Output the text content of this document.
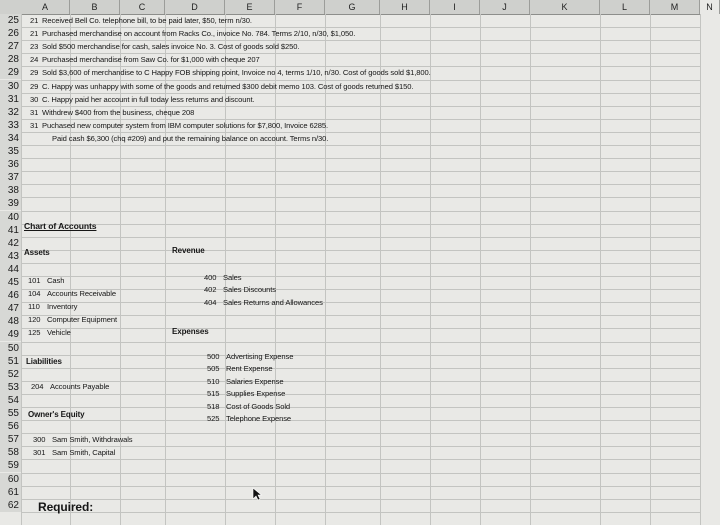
A	B	C	D	E	F	G	H	I	J	K	L	M	N
25
26
27
28
29
30
31
32
33
34
35
36
37
38
39
40
41
42
43
44
45
46
47
48
49
50
51
52
53
54
55
56
57
58
59
60
61
62
21 Received Bell Co. telephone bill, to be paid later, $50, term n/30.
21 Purchased merchandise on account from Racks Co., invoice No. 784. Terms 2/10, n/30, $1,050.
23 Sold $500 merchandise for cash, sales invoice No. 3. Cost of goods sold $250.
24 Purchased merchandise from Saw Co. for $1,000 with cheque 207
29 Sold $3,600 of merchandise to C Happy FOB shipping point, Invoice no 4, terms 1/10, n/30. Cost of goods sold $1,800.
29 C. Happy was unhappy with some of the goods and returned $300 debit memo 103. Cost of goods returned $150.
30 C. Happy paid her account in full today less returns and discount.
31 Withdrew $400 from the business, cheque 208
31 Puchased new computer system from IBM computer solutions for $7,800, Invoice 6285.
Paid cash $6,300 (chq #209) and put the remaining balance on account. Terms n/30.
Chart of Accounts
Assets
101 Cash
104 Accounts Receivable
110 Inventory
120 Computer Equipment
125 Vehicle
Revenue
400 Sales
402 Sales Discounts
404 Sales Returns and Allowances
Expenses
500 Advertising Expense
505 Rent Expense
510 Salaries Expense
515 Supplies Expense
518 Cost of Goods Sold
525 Telephone Expense
Liabilities
204 Accounts Payable
Owner's Equity
300 Sam Smith, Withdrawals
301 Sam Smith, Capital
Required:
